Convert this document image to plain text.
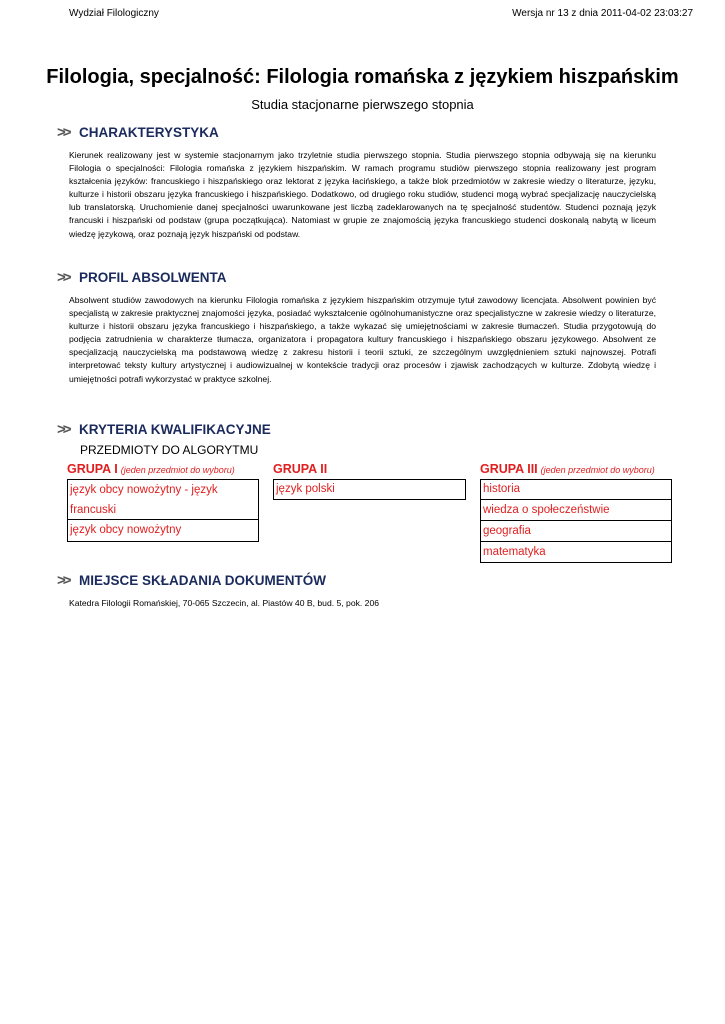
Wydział Filologiczny	Wersja nr 13 z dnia 2011-04-02 23:03:27
Filologia, specjalność: Filologia romańska z językiem hiszpańskim
Studia stacjonarne pierwszego stopnia
>> CHARAKTERYSTYKA
Kierunek realizowany jest w systemie stacjonarnym jako trzyletnie studia pierwszego stopnia. Studia pierwszego stopnia odbywają się na kierunku Filologia o specjalności: Filologia romańska z językiem hiszpańskim. W ramach programu studiów pierwszego stopnia realizowany jest program kształcenia języków: francuskiego i hiszpańskiego oraz lektorat z języka łacińskiego, a także blok przedmiotów w zakresie wiedzy o literaturze, języku, kulturze i historii obszaru języka francuskiego i hiszpańskiego. Dodatkowo, od drugiego roku studiów, studenci mogą wybrać specjalizację nauczycielską lub translatorską. Uruchomienie danej specjalności uwarunkowane jest liczbą zadeklarowanych na tę specjalność studentów. Studenci poznają język francuski i hiszpański od podstaw (grupa początkująca). Natomiast w grupie ze znajomością języka francuskiego studenci doskonalą nabytą w liceum wiedzę językową, oraz poznają język hiszpański od podstaw.
>> PROFIL ABSOLWENTA
Absolwent studiów zawodowych na kierunku Filologia romańska z językiem hiszpańskim otrzymuje tytuł zawodowy licencjata. Absolwent powinien być specjalistą w zakresie praktycznej znajomości języka, posiadać wykształcenie ogólnohumanistyczne oraz specjalistyczne w zakresie wiedzy o literaturze, kulturze i historii obszaru języka francuskiego i hiszpańskiego, a także wykazać się umiejętnościami w zakresie tłumaczeń. Studia przygotowują do podjęcia zatrudnienia w charakterze tłumacza, organizatora i propagatora kultury francuskiego i hiszpańskiego obszaru językowego. Absolwent ze specjalizacją nauczycielską ma podstawową wiedzę z zakresu historii i teorii sztuki, ze szczególnym uwzględnieniem sztuki najnowszej. Potrafi interpretować teksty kultury artystycznej i audiowizualnej w kontekście tradycji oraz procesów i zjawisk zachodzących w kulturze. Zdobytą wiedzę i umiejętności potrafi wykorzystać w praktyce szkolnej.
>> KRYTERIA KWALIFIKACYJNE
PRZEDMIOTY DO ALGORYTMU
GRUPA I (jeden przedmiot do wyboru)
język obcy nowożytny - język francuski
język obcy nowożytny
GRUPA II
język polski
GRUPA III (jeden przedmiot do wyboru)
historia
wiedza o społeczeństwie
geografia
matematyka
>> MIEJSCE SKŁADANIA DOKUMENTÓW
Katedra Filologii Romańskiej, 70-065 Szczecin, al. Piastów 40 B, bud. 5, pok. 206
